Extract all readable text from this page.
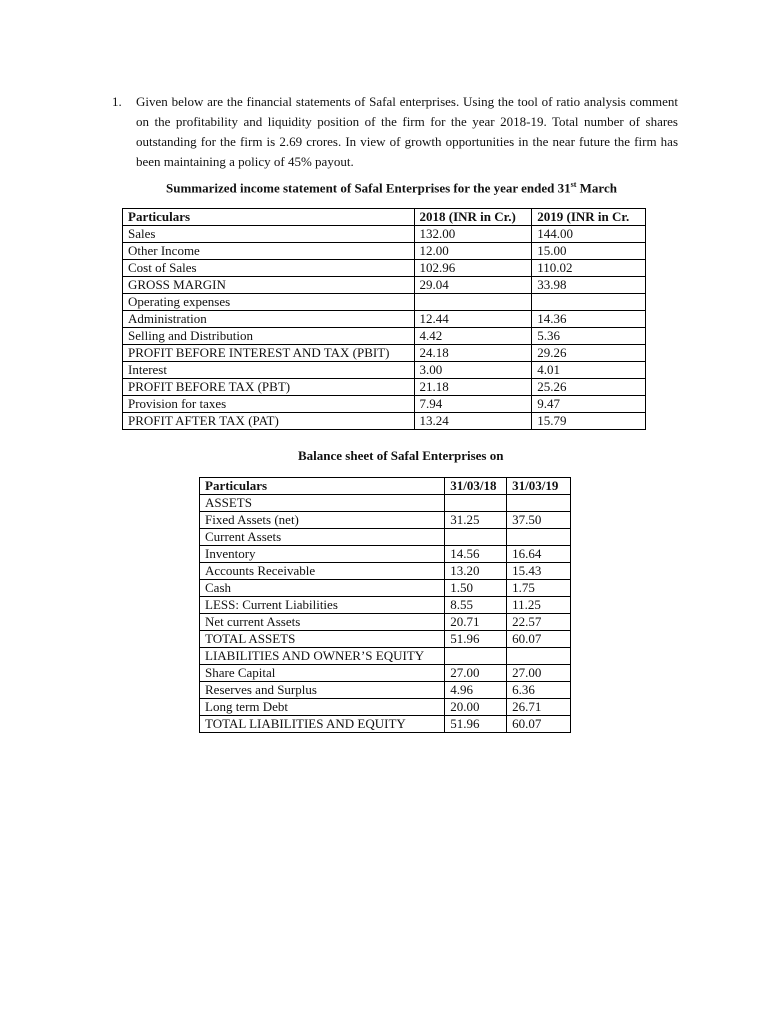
1.	Given below are the financial statements of Safal enterprises. Using the tool of ratio analysis comment on the profitability and liquidity position of the firm for the year 2018-19. Total number of shares outstanding for the firm is 2.69 crores. In view of growth opportunities in the near future the firm has been maintaining a policy of 45% payout.
Summarized income statement of Safal Enterprises for the year ended 31st March
Particulars	2018 (INR in Cr.)	2019 (INR in Cr.
Sales	132.00	144.00
Other Income	12.00	15.00
Cost of Sales	102.96	110.02
GROSS MARGIN	29.04	33.98
Operating expenses		
Administration	12.44	14.36
Selling and Distribution	4.42	5.36
PROFIT BEFORE INTEREST AND TAX (PBIT)	24.18	29.26
Interest	3.00	4.01
PROFIT BEFORE TAX (PBT)	21.18	25.26
Provision for taxes	7.94	9.47
PROFIT AFTER TAX (PAT)	13.24	15.79
Balance sheet of Safal Enterprises on
Particulars	31/03/18	31/03/19
ASSETS		
Fixed Assets (net)	31.25	37.50
Current Assets		
Inventory	14.56	16.64
Accounts Receivable	13.20	15.43
Cash	1.50	1.75
LESS: Current Liabilities	8.55	11.25
Net current Assets	20.71	22.57
TOTAL ASSETS	51.96	60.07
LIABILITIES AND OWNER’S EQUITY		
Share Capital	27.00	27.00
Reserves and Surplus	4.96	6.36
Long term Debt	20.00	26.71
TOTAL LIABILITIES AND EQUITY	51.96	60.07
